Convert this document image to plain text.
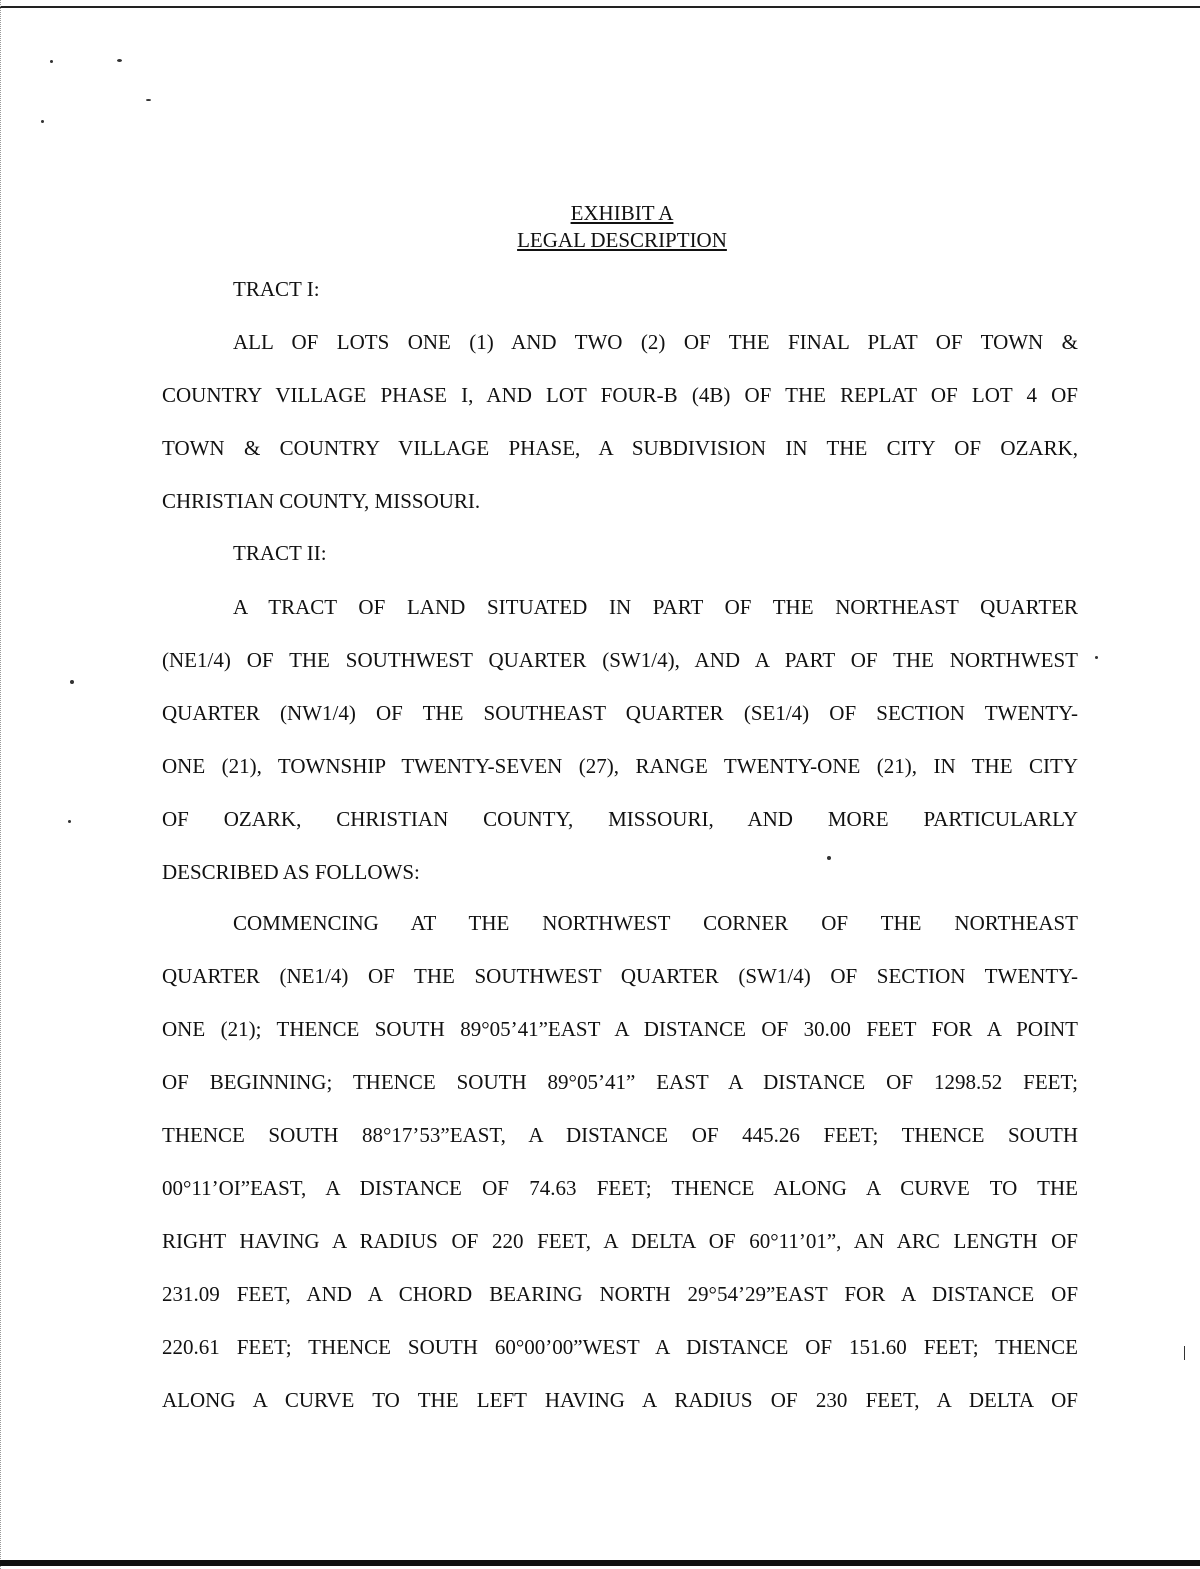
EXHIBIT A
LEGAL DESCRIPTION
TRACT I:
ALL OF LOTS ONE (1) AND TWO (2) OF THE FINAL PLAT OF TOWN &
COUNTRY VILLAGE PHASE I, AND LOT FOUR-B (4B) OF THE REPLAT OF LOT 4 OF
TOWN & COUNTRY VILLAGE PHASE, A SUBDIVISION IN THE CITY OF OZARK,
CHRISTIAN COUNTY, MISSOURI.
TRACT II:
A TRACT OF LAND SITUATED IN PART OF THE NORTHEAST QUARTER
(NE1/4) OF THE SOUTHWEST QUARTER (SW1/4), AND A PART OF THE NORTHWEST
QUARTER (NW1/4) OF THE SOUTHEAST QUARTER (SE1/4) OF SECTION TWENTY-
ONE (21), TOWNSHIP TWENTY-SEVEN (27), RANGE TWENTY-ONE (21), IN THE CITY
OF OZARK, CHRISTIAN COUNTY, MISSOURI, AND MORE PARTICULARLY
DESCRIBED AS FOLLOWS:
COMMENCING AT THE NORTHWEST CORNER OF THE NORTHEAST
QUARTER (NE1/4) OF THE SOUTHWEST QUARTER (SW1/4) OF SECTION TWENTY-
ONE (21); THENCE SOUTH 89°05’41”EAST A DISTANCE OF 30.00 FEET FOR A POINT
OF BEGINNING; THENCE SOUTH 89°05’41” EAST A DISTANCE OF 1298.52 FEET;
THENCE SOUTH 88°17’53”EAST, A DISTANCE OF 445.26 FEET; THENCE SOUTH
00°11’OI”EAST, A DISTANCE OF 74.63 FEET; THENCE ALONG A CURVE TO THE
RIGHT HAVING A RADIUS OF 220 FEET, A DELTA OF 60°11’01”, AN ARC LENGTH OF
231.09 FEET, AND A CHORD BEARING NORTH 29°54’29”EAST FOR A DISTANCE OF
220.61 FEET; THENCE SOUTH 60°00’00”WEST A DISTANCE OF 151.60 FEET; THENCE
ALONG A CURVE TO THE LEFT HAVING A RADIUS OF 230 FEET, A DELTA OF
